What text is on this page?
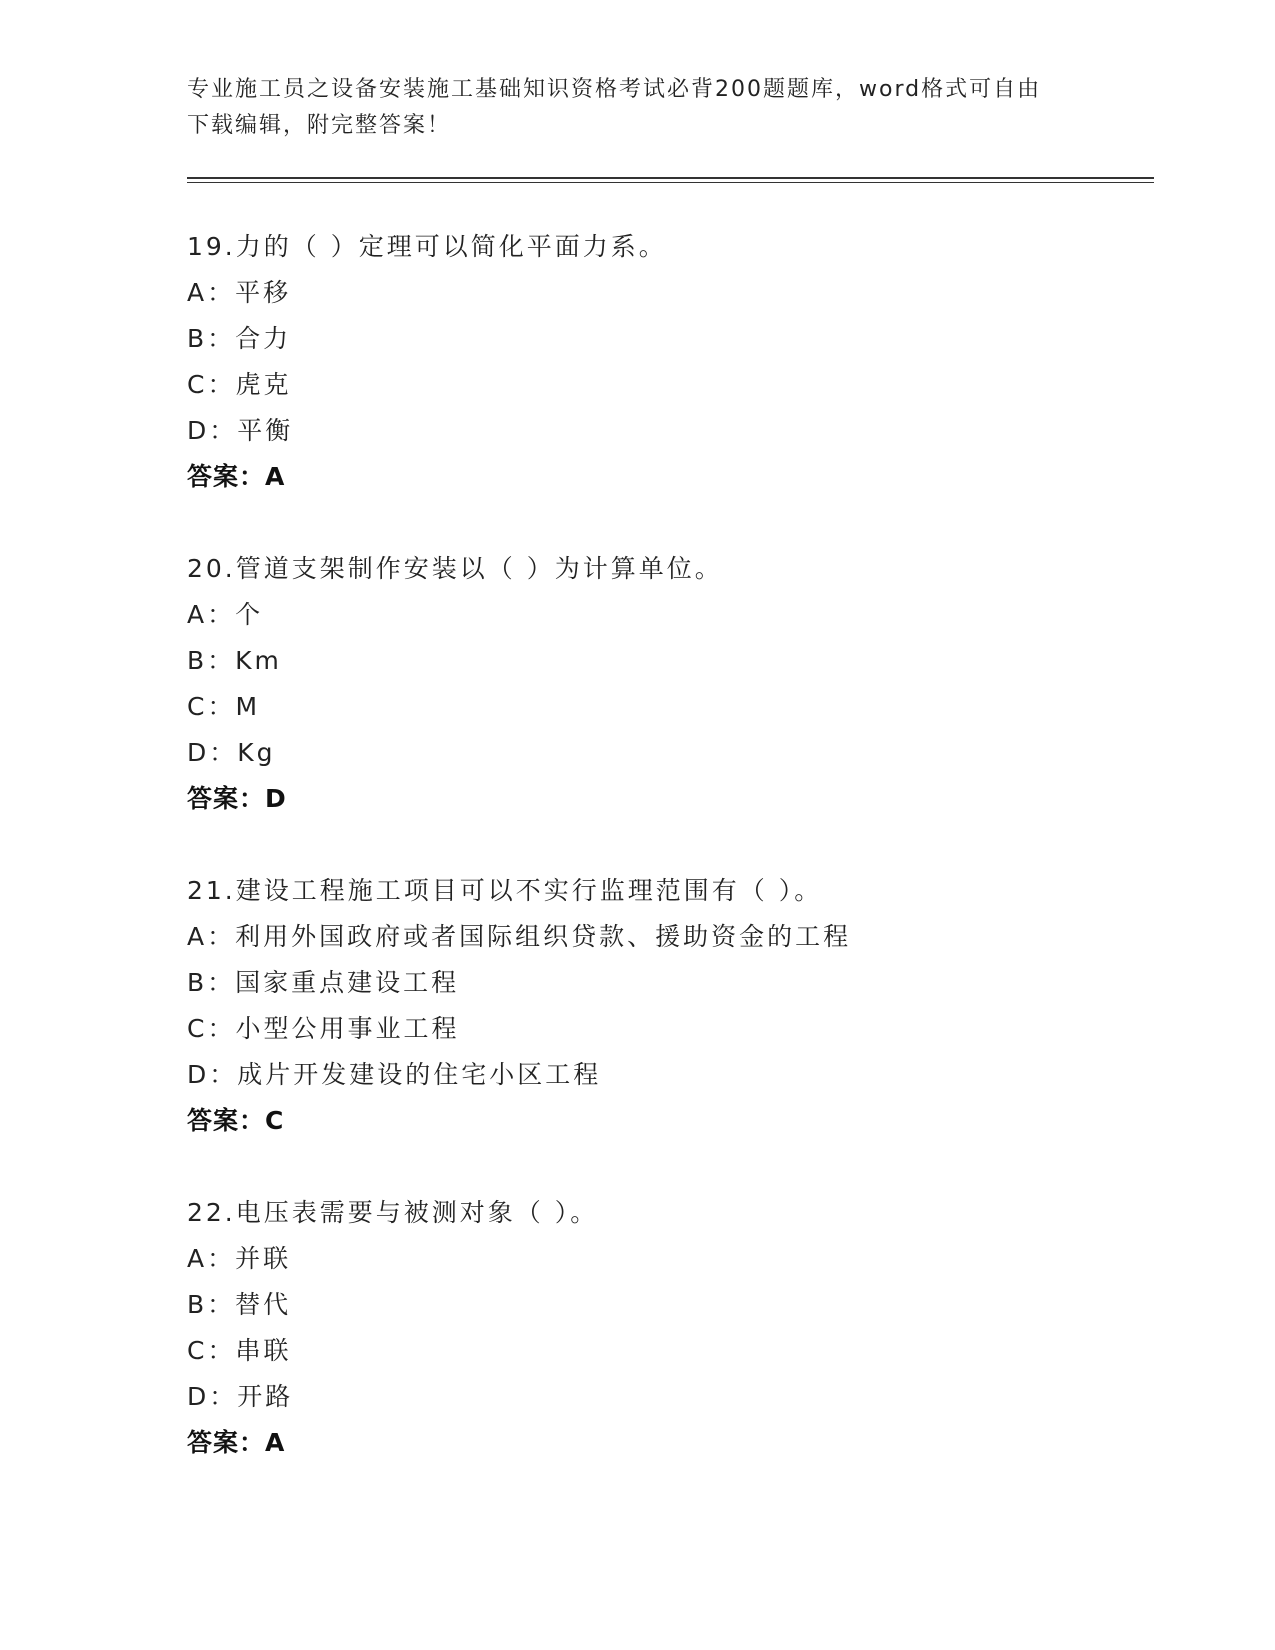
专业施工员之设备安装施工基础知识资格考试必背200题题库，word格式可自由
下载编辑，附完整答案！
19.力的（ ）定理可以简化平面力系。
A：平移
B：合力
C：虎克
D：平衡
答案：A
20.管道支架制作安装以（ ）为计算单位。
A：个
B：Km
C：M
D：Kg
答案：D
21.建设工程施工项目可以不实行监理范围有（ ）。
A：利用外国政府或者国际组织贷款、援助资金的工程
B：国家重点建设工程
C：小型公用事业工程
D：成片开发建设的住宅小区工程
答案：C
22.电压表需要与被测对象（ ）。
A：并联
B：替代
C：串联
D：开路
答案：A
